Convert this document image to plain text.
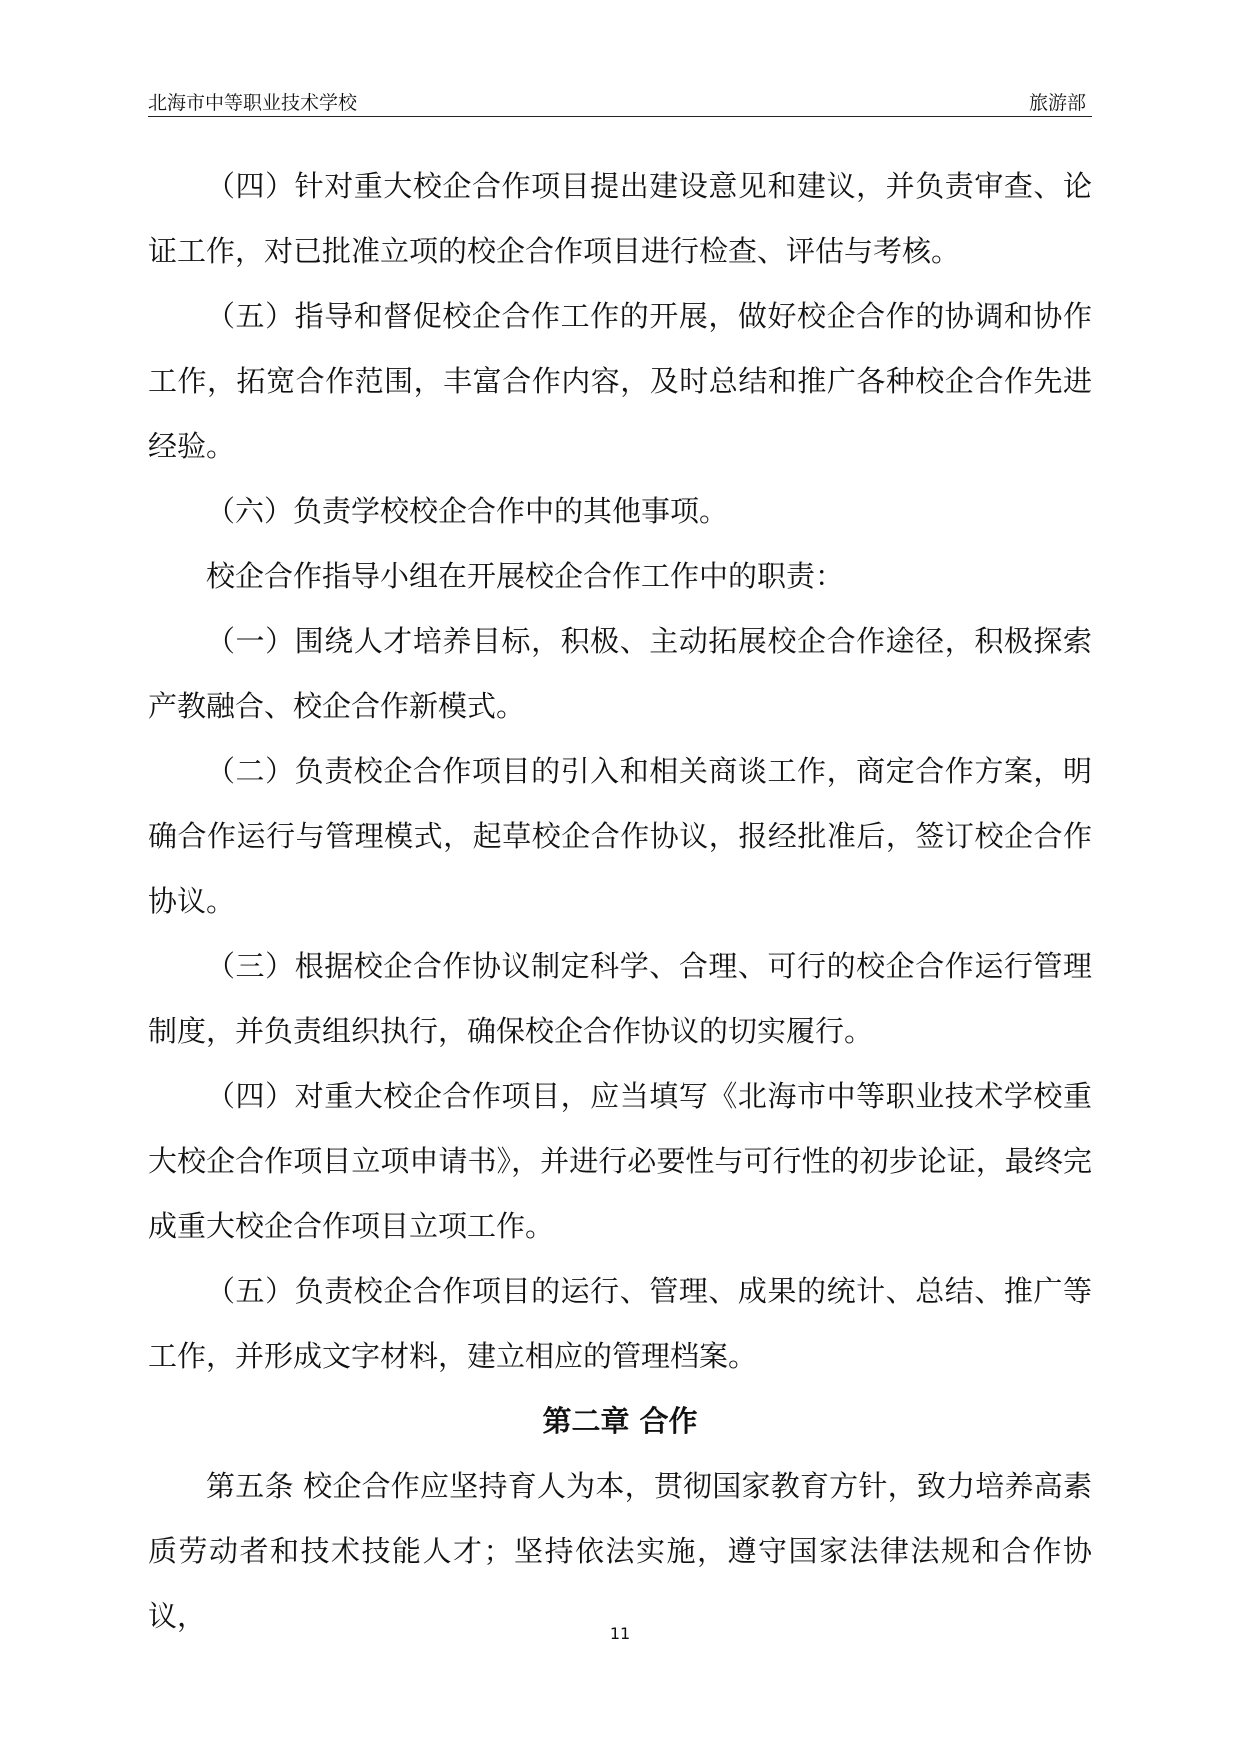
北海市中等职业技术学校	旅游部

（四）针对重大校企合作项目提出建设意见和建议，并负责审查、论证工作，对已批准立项的校企合作项目进行检查、评估与考核。

（五）指导和督促校企合作工作的开展，做好校企合作的协调和协作工作，拓宽合作范围，丰富合作内容，及时总结和推广各种校企合作先进经验。

（六）负责学校校企合作中的其他事项。

校企合作指导小组在开展校企合作工作中的职责：

（一）围绕人才培养目标，积极、主动拓展校企合作途径，积极探索产教融合、校企合作新模式。

（二）负责校企合作项目的引入和相关商谈工作，商定合作方案，明确合作运行与管理模式，起草校企合作协议，报经批准后，签订校企合作协议。

（三）根据校企合作协议制定科学、合理、可行的校企合作运行管理制度，并负责组织执行，确保校企合作协议的切实履行。

（四）对重大校企合作项目，应当填写《北海市中等职业技术学校重大校企合作项目立项申请书》，并进行必要性与可行性的初步论证，最终完成重大校企合作项目立项工作。

（五）负责校企合作项目的运行、管理、成果的统计、总结、推广等工作，并形成文字材料，建立相应的管理档案。

第二章 合作

第五条 校企合作应坚持育人为本，贯彻国家教育方针，致力培养高素质劳动者和技术技能人才；坚持依法实施，遵守国家法律法规和合作协议，

11
